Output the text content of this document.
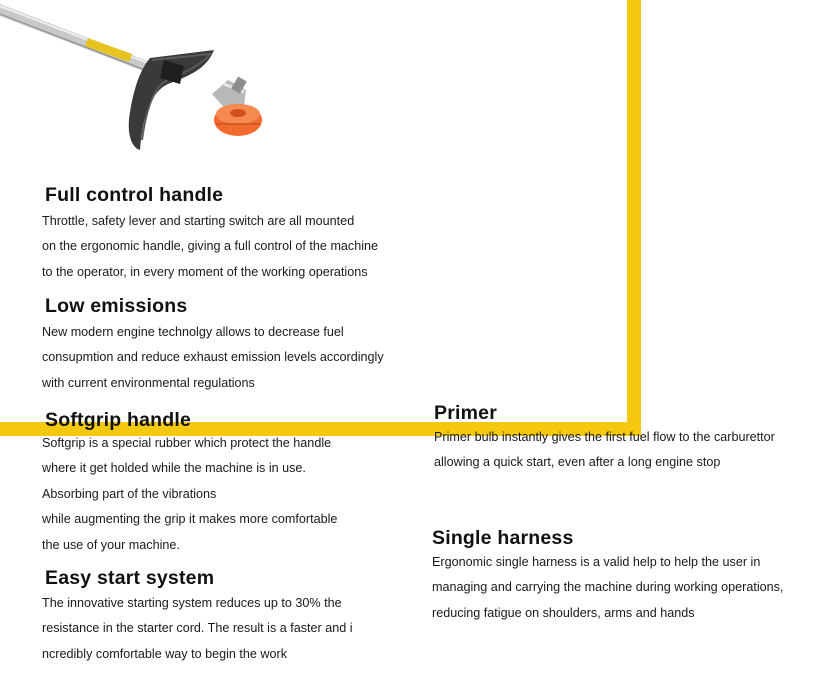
Full control handle
Throttle, safety lever and starting switch are all mounted
on the ergonomic handle, giving a full control of the machine
to the operator, in every moment of the working operations
Low emissions
New modern engine technolgy allows to decrease fuel
consupmtion and reduce exhaust emission levels accordingly
with current environmental regulations
Softgrip handle
Softgrip is a special rubber which protect the handle
where it get holded while the machine is in use.
Absorbing part of the vibrations
while augmenting the grip it makes more comfortable
the use of your machine.
Easy start system
The innovative starting system reduces up to 30% the
resistance in the starter cord. The result is a faster and i
ncredibly comfortable way to begin the work
Primer
Primer bulb instantly gives the first fuel flow to the carburettor
allowing a quick start, even after a long engine stop
Single harness
Ergonomic single harness is a valid help to help the user in
managing and carrying the machine during working operations,
reducing fatigue on shoulders, arms and hands
